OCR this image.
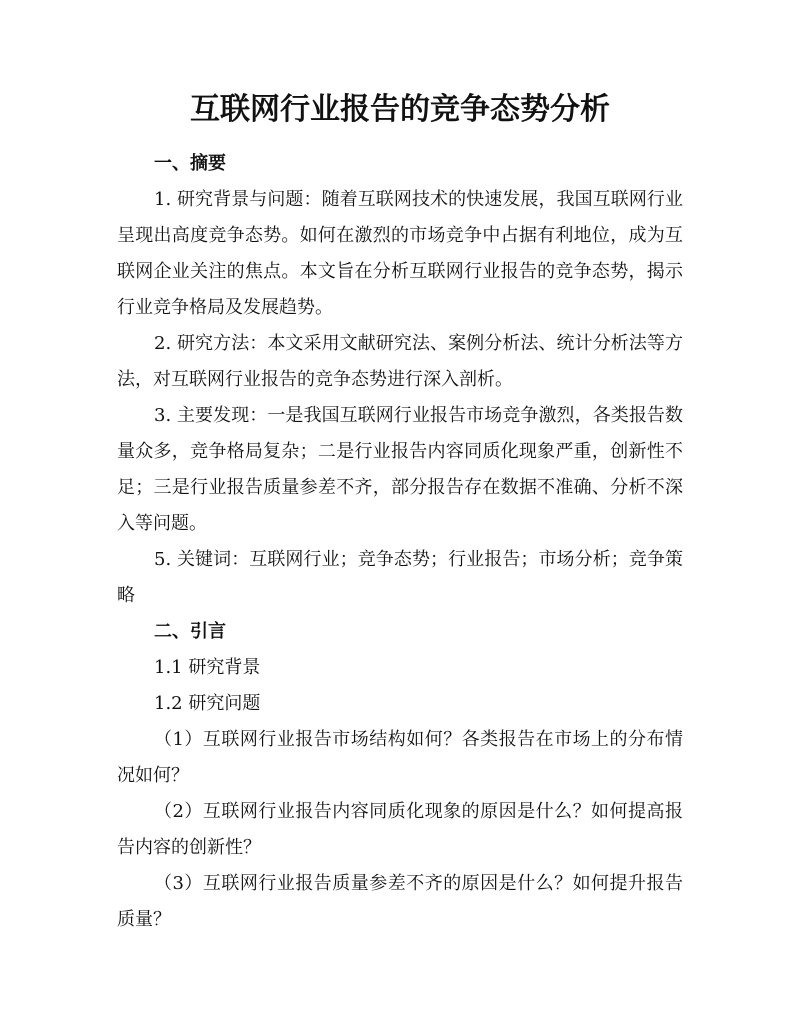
互联网行业报告的竞争态势分析
一、摘要

1. 研究背景与问题：随着互联网技术的快速发展，我国互联网行业呈现出高度竞争态势。如何在激烈的市场竞争中占据有利地位，成为互联网企业关注的焦点。本文旨在分析互联网行业报告的竞争态势，揭示行业竞争格局及发展趋势。

2. 研究方法：本文采用文献研究法、案例分析法、统计分析法等方法，对互联网行业报告的竞争态势进行深入剖析。

3. 主要发现：一是我国互联网行业报告市场竞争激烈，各类报告数量众多，竞争格局复杂；二是行业报告内容同质化现象严重，创新性不足；三是行业报告质量参差不齐，部分报告存在数据不准确、分析不深入等问题。

5. 关键词：互联网行业；竞争态势；行业报告；市场分析；竞争策略

二、引言

1.1 研究背景

1.2 研究问题

（1）互联网行业报告市场结构如何？各类报告在市场上的分布情况如何？

（2）互联网行业报告内容同质化现象的原因是什么？如何提高报告内容的创新性？

（3）互联网行业报告质量参差不齐的原因是什么？如何提升报告质量？
